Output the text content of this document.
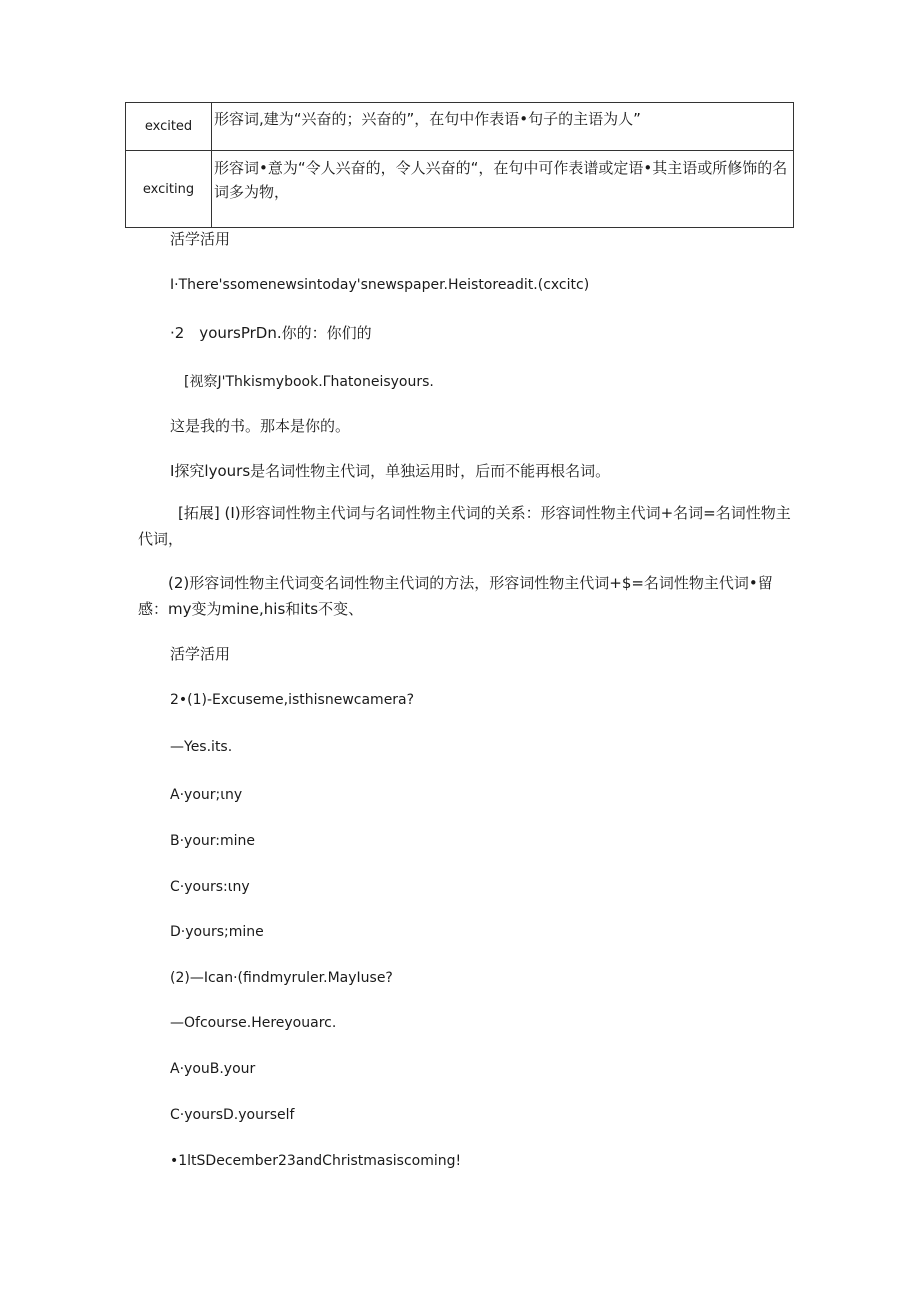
excited	形容词,建为“兴奋的；兴奋的”，在句中作表语•句子的主语为人”
exciting	形容词•意为“令人兴奋的，令人兴奋的“，在句中可作表谱或定语•其主语或所修饰的名词多为物，
活学活用
I·There'ssomenewsintoday'snewspaper.Heistoreadit.(cxcitc)
·2　yoursPrDn.你的：你们的
[视察J'Thkismybook.Γhatoneisyours.
这是我的书。那本是你的。
I探究lyours是名词性物主代词，单独运用时，后而不能再根名词。
[拓展] (I)形容词性物主代词与名词性物主代词的关系：形容词性物主代词+名词=名词性物主代词，
(2)形容词性物主代词变名词性物主代词的方法，形容词性物主代词+$=名词性物主代词•留感：my变为mine,his和its不变、
活学活用
2•(1)-Excuseme,isthisnewcamera?
—Yes.its.
A·your;ιny
B·your:mine
C·yours:ιny
D·yours;mine
(2)—Ican·(findmyruler.MayIuse?
—Ofcourse.Hereyouarc.
A·youB.your
C·yoursD.yourself
•1ltSDecember23andChristmasiscoming!
